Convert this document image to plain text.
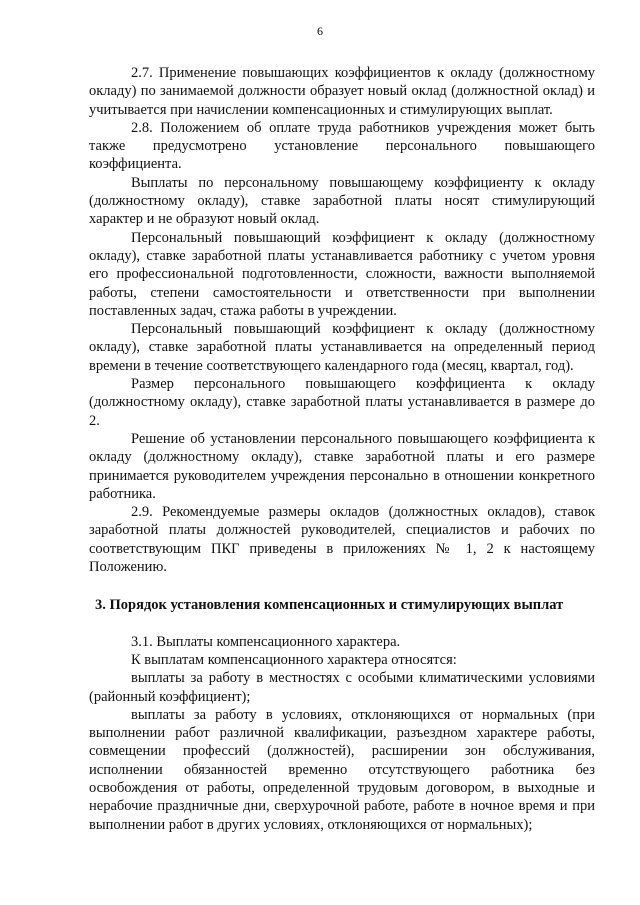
6

2.7. Применение повышающих коэффициентов к окладу (должностному окладу) по занимаемой должности образует новый оклад (должностной оклад) и учитывается при начислении компенсационных и стимулирующих выплат.

2.8. Положением об оплате труда работников учреждения может быть также предусмотрено установление персонального повышающего коэффициента.

Выплаты по персональному повышающему коэффициенту к окладу (должностному окладу), ставке заработной платы носят стимулирующий характер и не образуют новый оклад.

Персональный повышающий коэффициент к окладу (должностному окладу), ставке заработной платы устанавливается работнику с учетом уровня его профессиональной подготовленности, сложности, важности выполняемой работы, степени самостоятельности и ответственности при выполнении поставленных задач, стажа работы в учреждении.

Персональный повышающий коэффициент к окладу (должностному окладу), ставке заработной платы устанавливается на определенный период времени в течение соответствующего календарного года (месяц, квартал, год).

Размер персонального повышающего коэффициента к окладу (должностному окладу), ставке заработной платы устанавливается в размере до 2.

Решение об установлении персонального повышающего коэффициента к окладу (должностному окладу), ставке заработной платы и его размере принимается руководителем учреждения персонально в отношении конкретного работника.

2.9. Рекомендуемые размеры окладов (должностных окладов), ставок заработной платы должностей руководителей, специалистов и рабочих по соответствующим ПКГ приведены в приложениях № 1, 2 к настоящему Положению.

3. Порядок установления компенсационных и стимулирующих выплат

3.1. Выплаты компенсационного характера.

К выплатам компенсационного характера относятся:

выплаты за работу в местностях с особыми климатическими условиями (районный коэффициент);

выплаты за работу в условиях, отклоняющихся от нормальных (при выполнении работ различной квалификации, разъездном характере работы, совмещении профессий (должностей), расширении зон обслуживания, исполнении обязанностей временно отсутствующего работника без освобождения от работы, определенной трудовым договором, в выходные и нерабочие праздничные дни, сверхурочной работе, работе в ночное время и при выполнении работ в других условиях, отклоняющихся от нормальных);
